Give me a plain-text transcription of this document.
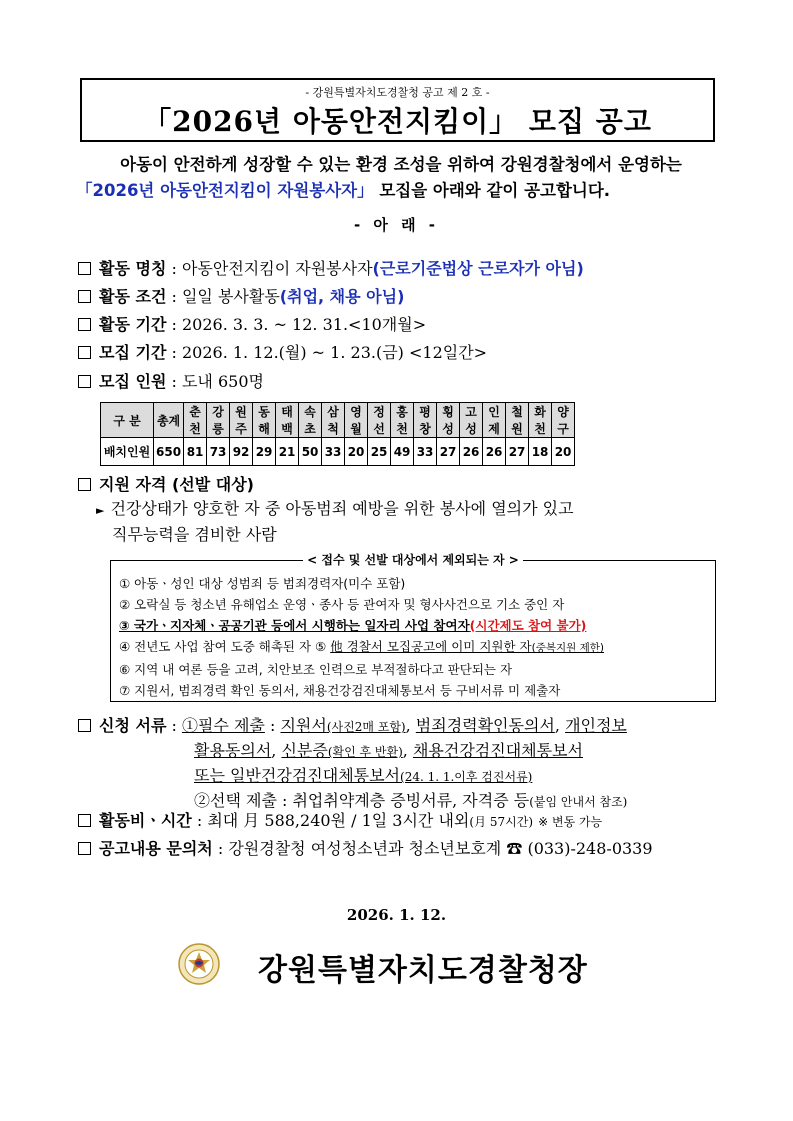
- 강원특별자치도경찰청 공고 제 2 호 -
「2026년 아동안전지킴이」 모집 공고
아동이 안전하게 성장할 수 있는 환경 조성을 위하여 강원경찰청에서 운영하는
「2026년 아동안전지킴이 자원봉사자」 모집을 아래와 같이 공고합니다.
- 아 래 -
활동 명칭 : 아동안전지킴이 자원봉사자(근로기준법상 근로자가 아님)
활동 조건 : 일일 봉사활동(취업, 채용 아님)
활동 기간 : 2026. 3. 3. ~ 12. 31.<10개월>
모집 기간 : 2026. 1. 12.(월) ~ 1. 23.(금) <12일간>
모집 인원 : 도내 650명
구 분	총계	춘천	강릉	원주	동해	태백	속초	삼척	영월	정선	홍천	평창	횡성	고성	인제	철원	화천	양구
배치인원	650	81	73	92	29	21	50	33	20	25	49	33	27	26	26	27	18	20
지원 자격 (선발 대상)
► 건강상태가 양호한 자 중 아동범죄 예방을 위한 봉사에 열의가 있고
직무능력을 겸비한 사람
< 접수 및 선발 대상에서 제외되는 자 >
① 아동ㆍ성인 대상 성범죄 등 범죄경력자(미수 포함)
② 오락실 등 청소년 유해업소 운영ㆍ종사 등 관여자 및 형사사건으로 기소 중인 자
③ 국가ㆍ지자체ㆍ공공기관 등에서 시행하는 일자리 사업 참여자(시간제도 참여 불가)
④ 전년도 사업 참여 도중 해촉된 자 ⑤ 他 경찰서 모집공고에 이미 지원한 자(중복지원 제한)
⑥ 지역 내 여론 등을 고려, 치안보조 인력으로 부적절하다고 판단되는 자
⑦ 지원서, 범죄경력 확인 동의서, 채용건강검진대체통보서 등 구비서류 미 제출자
신청 서류 : ①필수 제출 : 지원서(사진2매 포함), 범죄경력확인동의서, 개인정보
활용동의서, 신분증(확인 후 반환), 채용건강검진대체통보서
또는 일반건강검진대체통보서(24. 1. 1.이후 검진서류)
②선택 제출 : 취업취약계층 증빙서류, 자격증 등(붙임 안내서 참조)
활동비ㆍ시간 : 최대 月 588,240원 / 1일 3시간 내외(月 57시간) ※ 변동 가능
공고내용 문의처 : 강원경찰청 여성청소년과 청소년보호계 ☎ (033)-248-0339
2026. 1. 12.
강원특별자치도경찰청장
